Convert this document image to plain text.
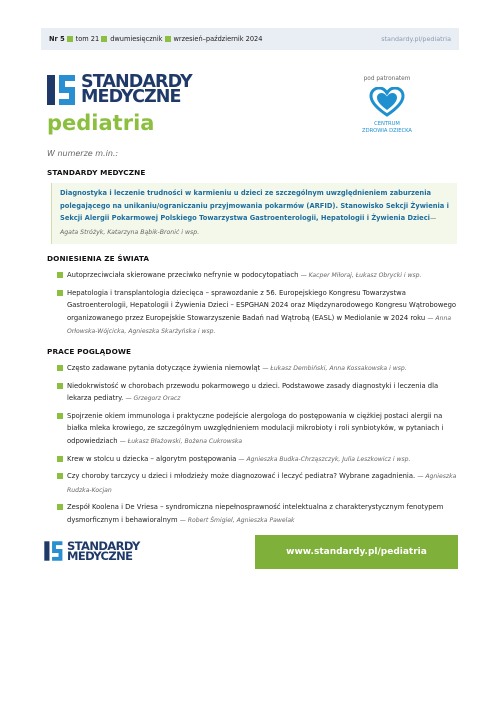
Nr 5 tom 21 dwumiesięcznik wrzesień–październik 2024	standardy.pl/pediatria
STANDARDY
MEDYCZNE
pediatria
pod patronatem
CENTRUM
ZDROWIA DZIECKA
W numerze m.in.:
STANDARDY MEDYCZNE

Diagnostyka i leczenie trudności w karmieniu u dzieci ze szczególnym uwzględnieniem zaburzenia polegającego na unikaniu/ograniczaniu przyjmowania pokarmów (ARFID). Stanowisko Sekcji Żywienia i Sekcji Alergii Pokarmowej Polskiego Towarzystwa Gastroenterologii, Hepatologii i Żywienia Dzieci— Agata Stróżyk, Katarzyna Bąbik-Broniċ i wsp.

DONIESIENIA ZE ŚWIATA
Autoprzeciwciała skierowane przeciwko nefrynie w podocytopatiach — Kacper Miłoraj, Łukasz Obrycki i wsp.
Hepatologia i transplantologia dziecięca – sprawozdanie z 56. Europejskiego Kongresu Towarzystwa Gastroenterologii, Hepatologii i Żywienia Dzieci – ESPGHAN 2024 oraz Międzynarodowego Kongresu Wątrobowego organizowanego przez Europejskie Stowarzyszenie Badań nad Wątrobą (EASL) w Mediolanie w 2024 roku — Anna Orłowska-Wójcicka, Agnieszka Skarżyńska i wsp.
PRACE POGLĄDOWE
Często zadawane pytania dotyczące żywienia niemowląt — Łukasz Dembiński, Anna Kossakowska i wsp.
Niedokrwistość w chorobach przewodu pokarmowego u dzieci. Podstawowe zasady diagnostyki i leczenia dla lekarza pediatry. — Grzegorz Oracz
Spojrzenie okiem immunologa i praktyczne podejście alergologa do postępowania w ciężkiej postaci alergii na białka mleka krowiego, ze szczególnym uwzględnieniem modulacji mikrobioty i roli synbiotyków, w pytaniach i odpowiedziach — Łukasz Błażowski, Bożena Cukrowska
Krew w stolcu u dziecka – algorytm postępowania — Agnieszka Budka-Chrząszczyk, Julia Leszkowicz i wsp.
Czy choroby tarczycy u dzieci i młodzieży może diagnozować i leczyć pediatra? Wybrane zagadnienia. — Agnieszka Rudzka-Kocjan
Zespół Koolena i De Vriesa – syndromiczna niepełnosprawność intelektualna z charakterystycznym fenotypem dysmorficznym i behawioralnym — Robert Śmigiel, Agnieszka Pawelak
STANDARDY
MEDYCZNE	www.standardy.pl/pediatria
